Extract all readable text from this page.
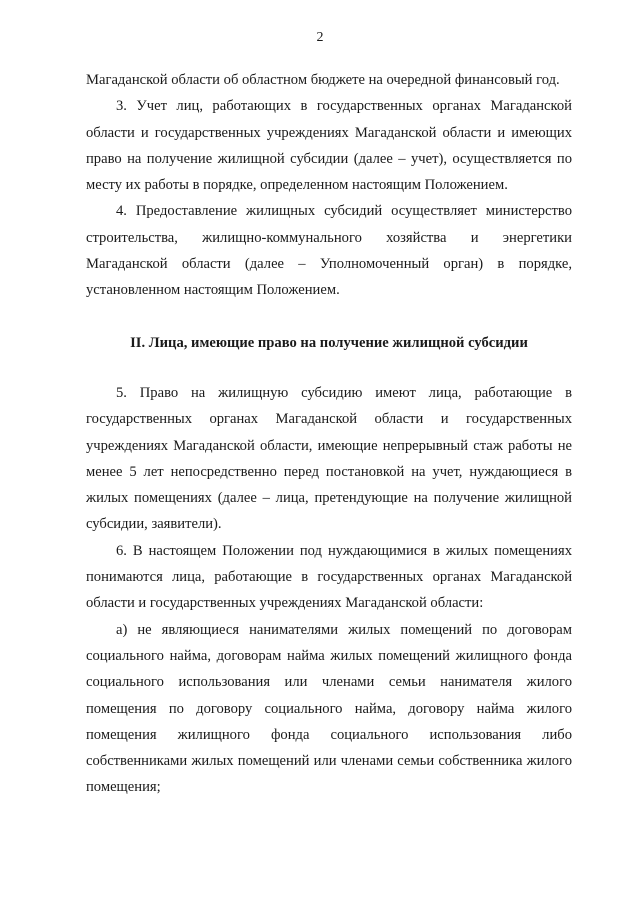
2

Магаданской области об областном бюджете на очередной финансовый год.

3. Учет лиц, работающих в государственных органах Магаданской области и государственных учреждениях Магаданской области и имеющих право на получение жилищной субсидии (далее – учет), осуществляется по месту их работы в порядке, определенном настоящим Положением.

4. Предоставление жилищных субсидий осуществляет министерство строительства, жилищно-коммунального хозяйства и энергетики Магаданской области (далее – Уполномоченный орган) в порядке, установленном настоящим Положением.

II. Лица, имеющие право на получение жилищной субсидии

5. Право на жилищную субсидию имеют лица, работающие в государственных органах Магаданской области и государственных учреждениях Магаданской области, имеющие непрерывный стаж работы не менее 5 лет непосредственно перед постановкой на учет, нуждающиеся в жилых помещениях (далее – лица, претендующие на получение жилищной субсидии, заявители).

6. В настоящем Положении под нуждающимися в жилых помещениях понимаются лица, работающие в государственных органах Магаданской области и государственных учреждениях Магаданской области:

а) не являющиеся нанимателями жилых помещений по договорам социального найма, договорам найма жилых помещений жилищного фонда социального использования или членами семьи нанимателя жилого помещения по договору социального найма, договору найма жилого помещения жилищного фонда социального использования либо собственниками жилых помещений или членами семьи собственника жилого помещения;
